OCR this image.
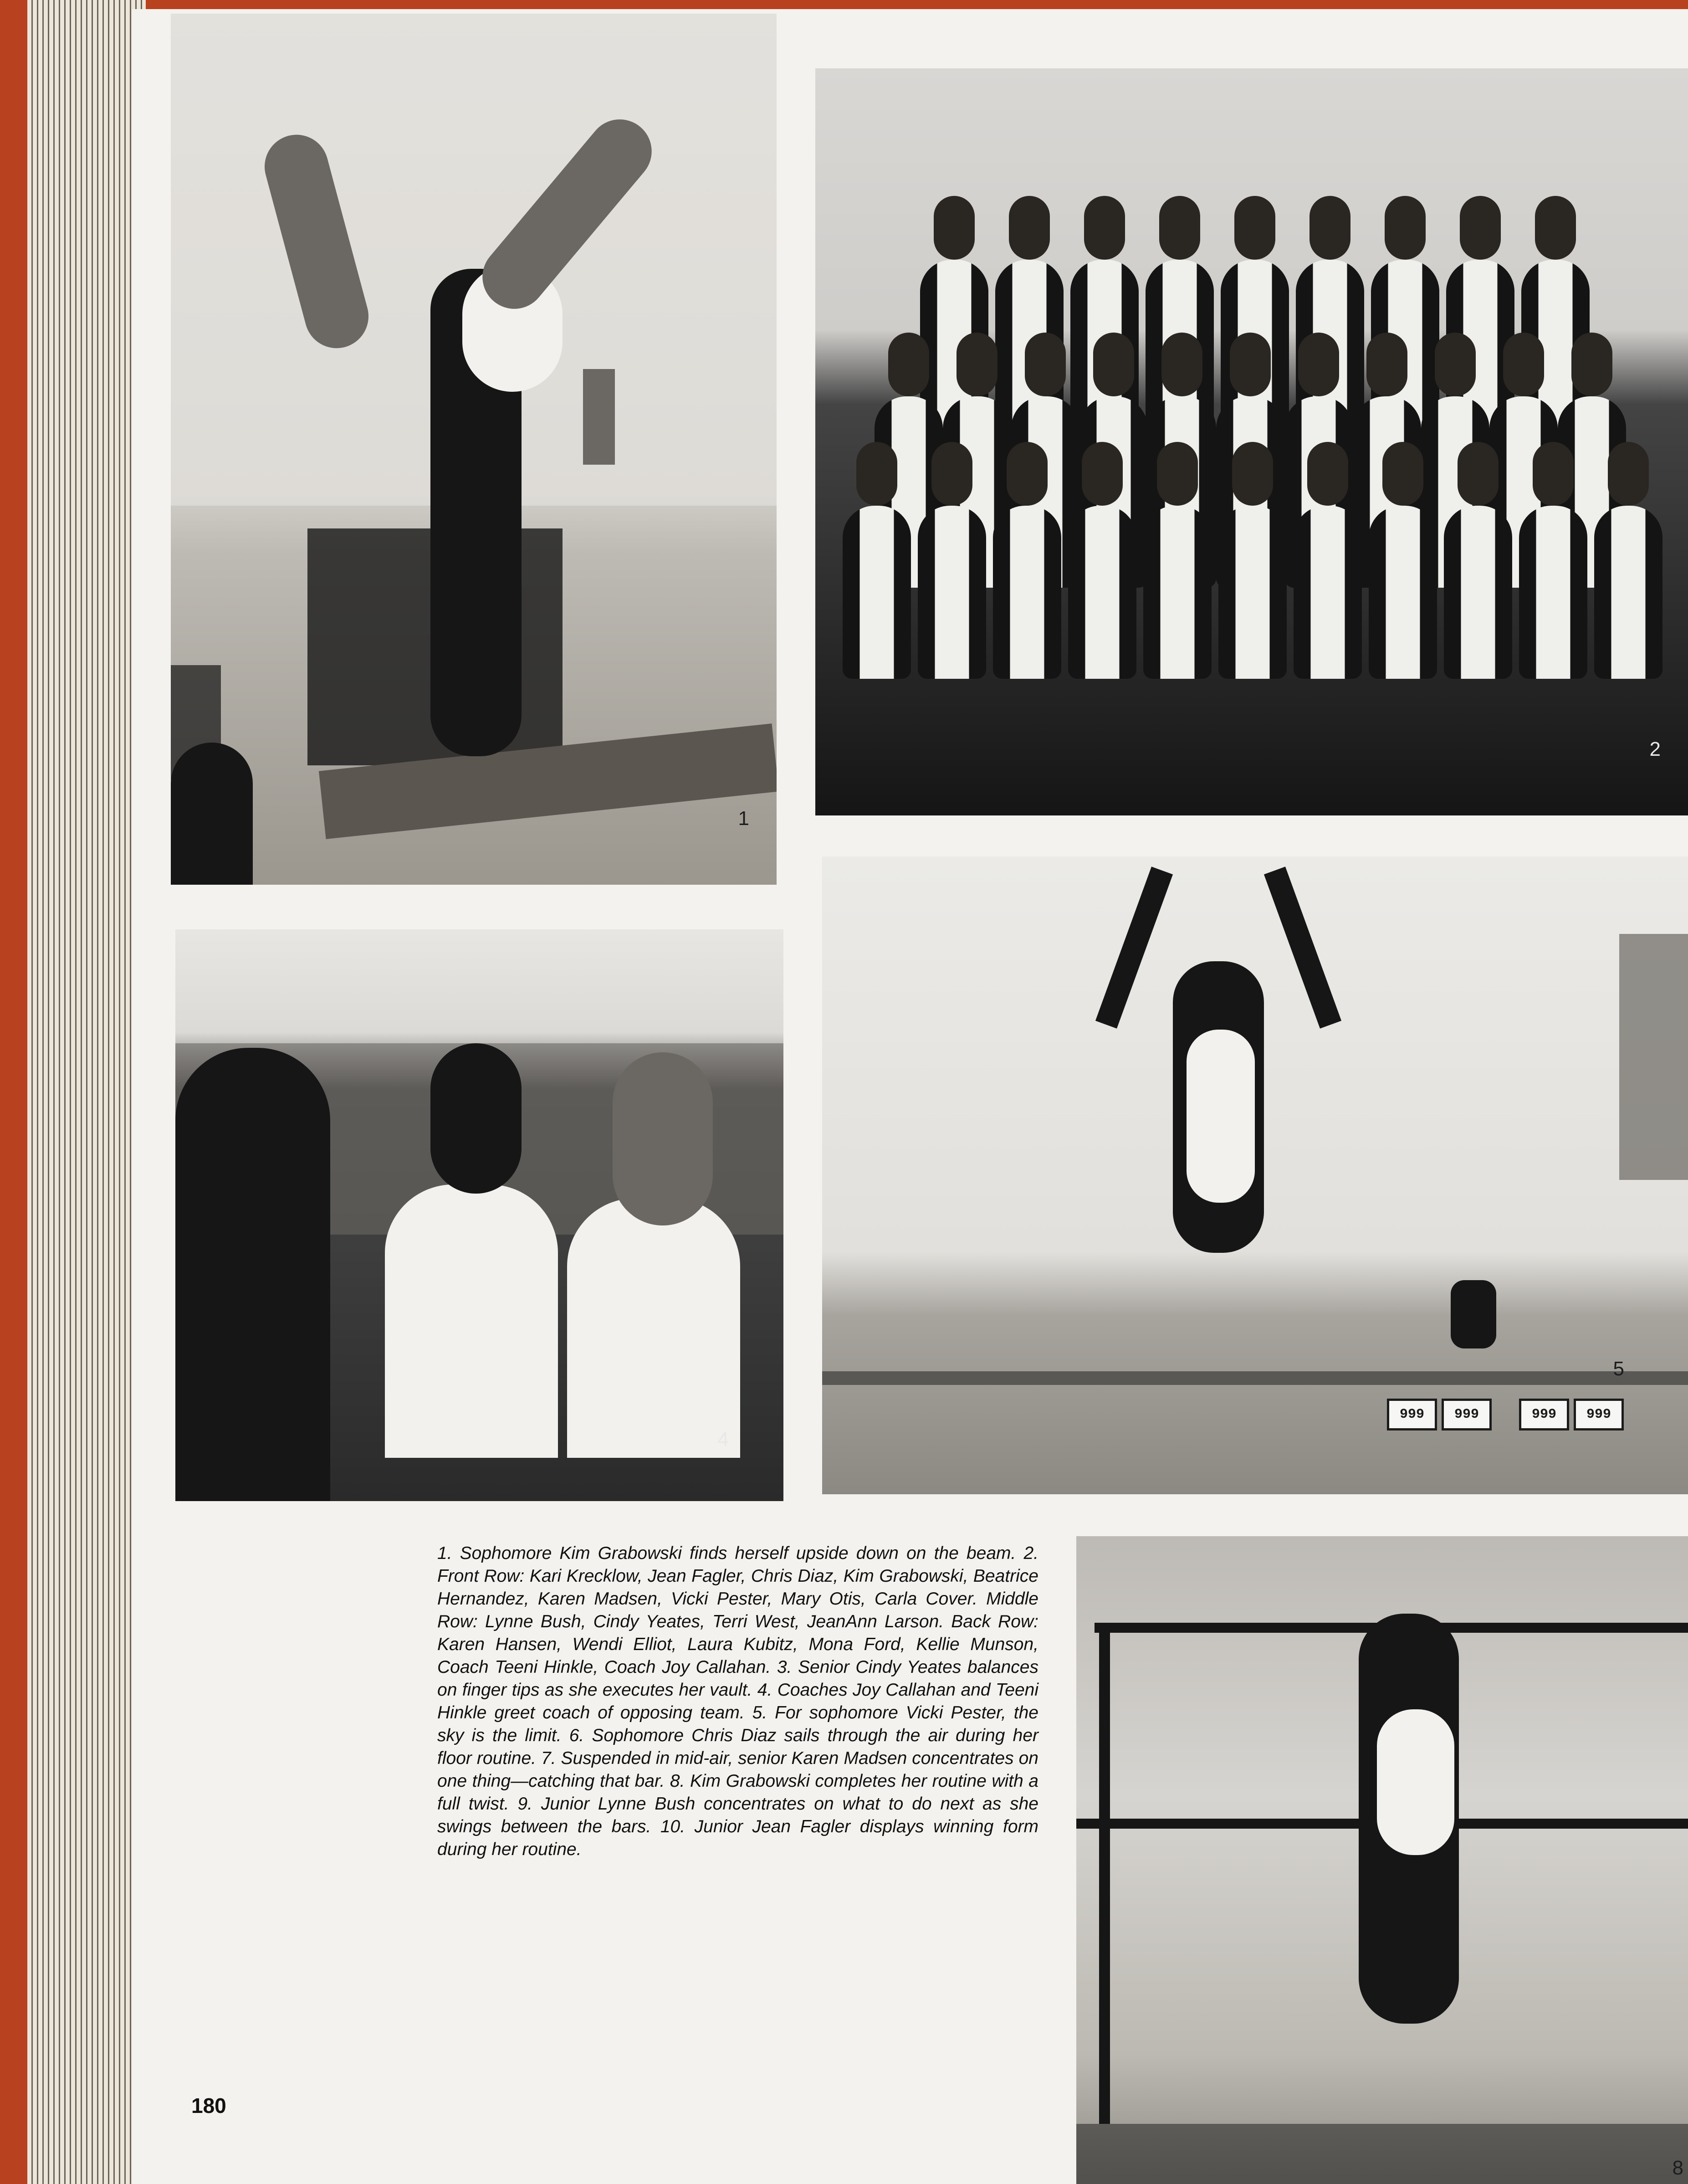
1
2
4
999	999	999	999
5
8

1. Sophomore Kim Grabowski finds herself upside down on the beam. 2. Front Row: Kari Krecklow, Jean Fagler, Chris Diaz, Kim Grabowski, Beatrice Hernandez, Karen Madsen, Vicki Pester, Mary Otis, Carla Cover. Middle Row: Lynne Bush, Cindy Yeates, Terri West, JeanAnn Larson. Back Row: Karen Hansen, Wendi Elliot, Laura Kubitz, Mona Ford, Kellie Munson, Coach Teeni Hinkle, Coach Joy Callahan. 3. Senior Cindy Yeates balances on finger tips as she executes her vault. 4. Coaches Joy Callahan and Teeni Hinkle greet coach of opposing team. 5. For sophomore Vicki Pester, the sky is the limit. 6. Sophomore Chris Diaz sails through the air during her floor routine. 7. Suspended in mid-air, senior Karen Madsen concentrates on one thing—catching that bar. 8. Kim Grabowski completes her routine with a full twist. 9. Junior Lynne Bush concentrates on what to do next as she swings between the bars. 10. Junior Jean Fagler displays winning form during her routine.

180
